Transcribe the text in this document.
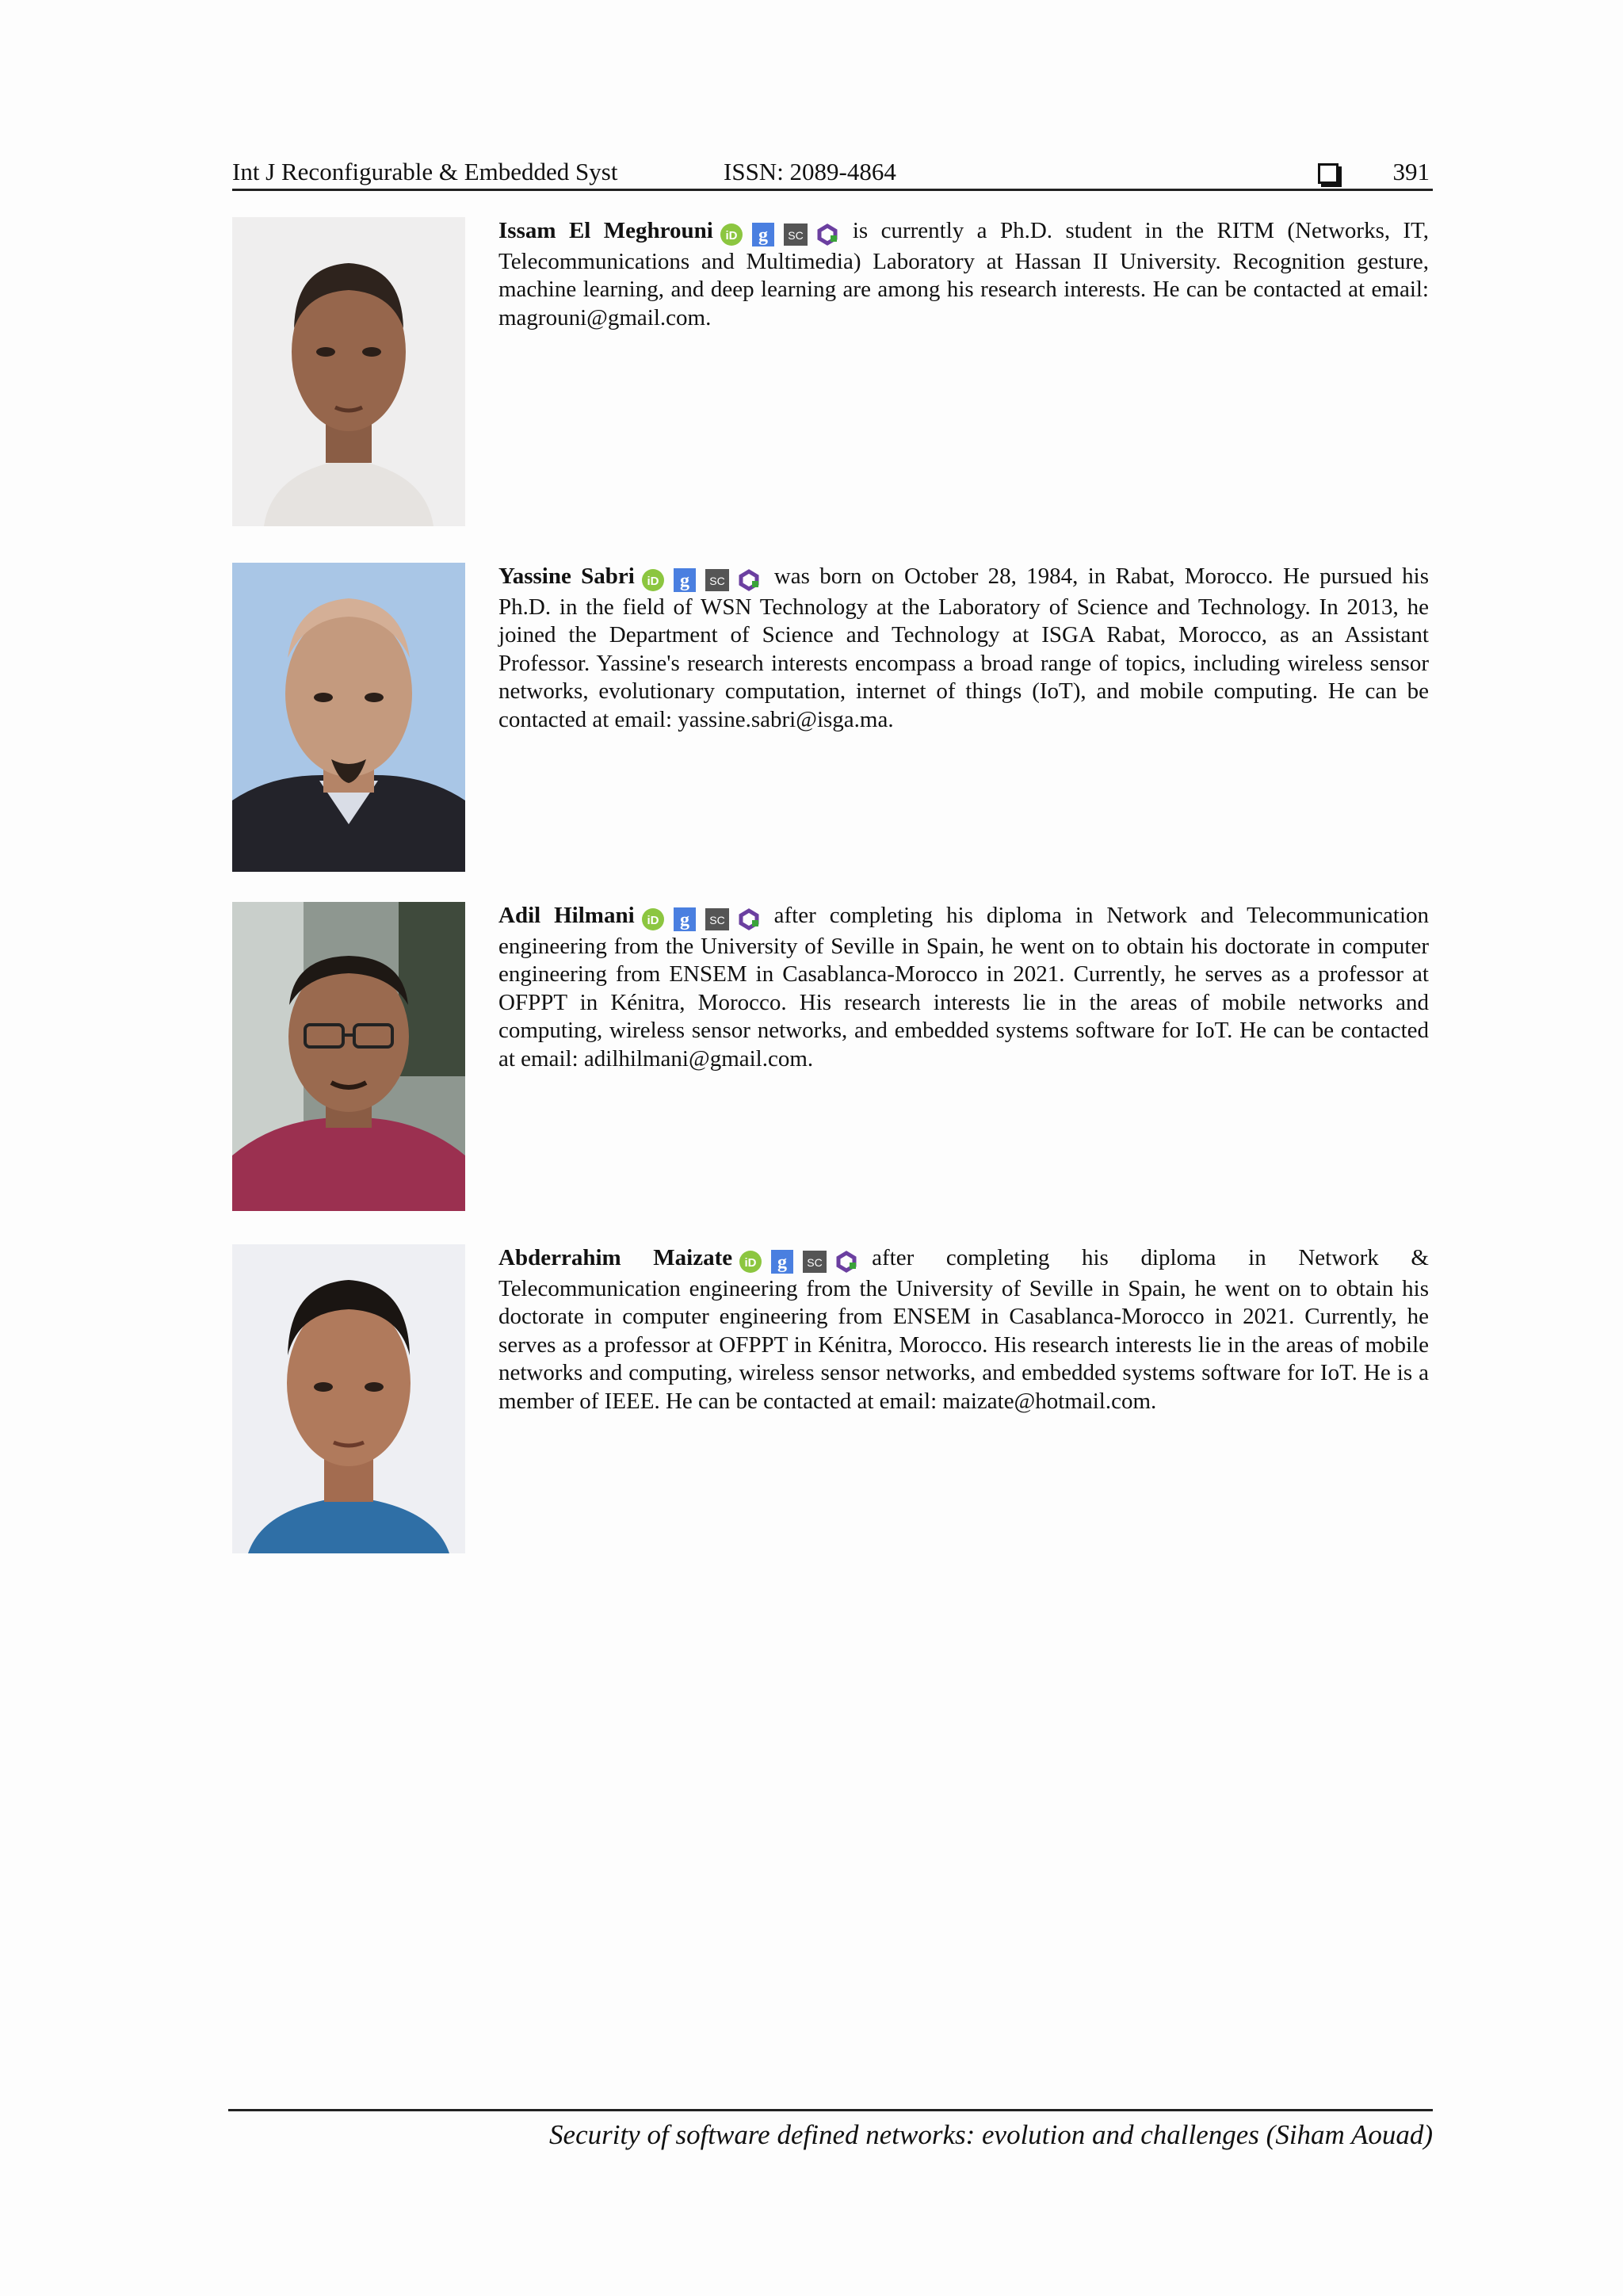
Int J Reconfigurable & Embedded Syst	ISSN: 2089-4864	391
Issam El Meghrouni iD g SC is currently a Ph.D. student in the RITM (Networks, IT, Telecommunications and Multimedia) Laboratory at Hassan II University. Recognition gesture, machine learning, and deep learning are among his research interests. He can be contacted at email: magrouni@gmail.com.
Yassine Sabri iD g SC was born on October 28, 1984, in Rabat, Morocco. He pursued his Ph.D. in the field of WSN Technology at the Laboratory of Science and Technology. In 2013, he joined the Department of Science and Technology at ISGA Rabat, Morocco, as an Assistant Professor. Yassine's research interests encompass a broad range of topics, including wireless sensor networks, evolutionary computation, internet of things (IoT), and mobile computing. He can be contacted at email: yassine.sabri@isga.ma.
Adil Hilmani iD g SC after completing his diploma in Network and Telecommunication engineering from the University of Seville in Spain, he went on to obtain his doctorate in computer engineering from ENSEM in Casablanca-Morocco in 2021. Currently, he serves as a professor at OFPPT in Kénitra, Morocco. His research interests lie in the areas of mobile networks and computing, wireless sensor networks, and embedded systems software for IoT. He can be contacted at email: adilhilmani@gmail.com.
Abderrahim Maizate iD g SC after completing his diploma in Network & Telecommunication engineering from the University of Seville in Spain, he went on to obtain his doctorate in computer engineering from ENSEM in Casablanca-Morocco in 2021. Currently, he serves as a professor at OFPPT in Kénitra, Morocco. His research interests lie in the areas of mobile networks and computing, wireless sensor networks, and embedded systems software for IoT. He is a member of IEEE. He can be contacted at email: maizate@hotmail.com.
Security of software defined networks: evolution and challenges (Siham Aouad)
